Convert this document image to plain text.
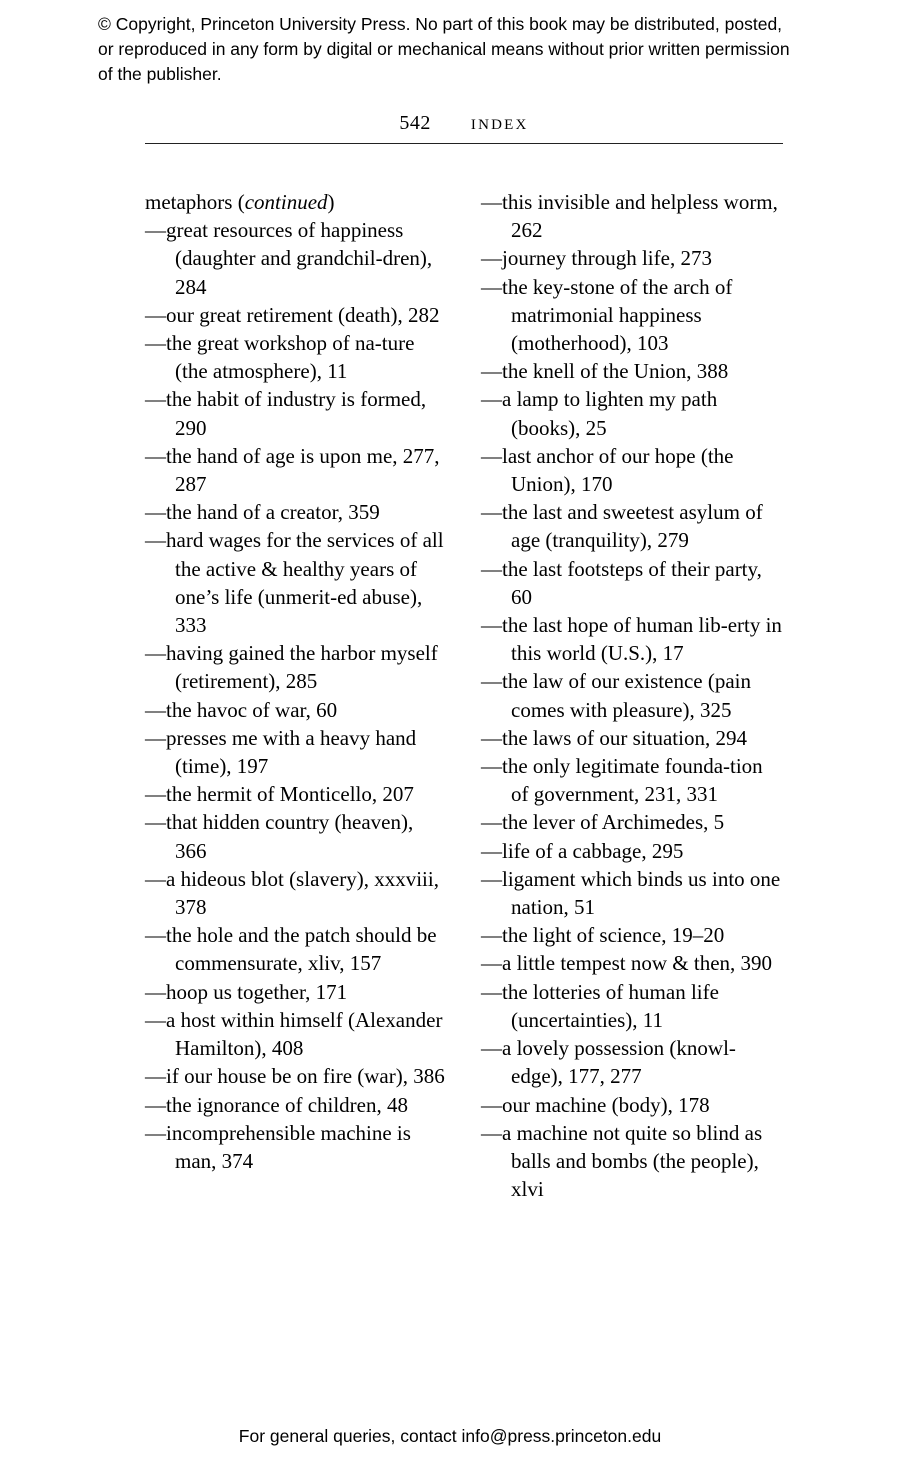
© Copyright, Princeton University Press. No part of this book may be distributed, posted, or reproduced in any form by digital or mechanical means without prior written permission of the publisher.
542	INDEX

metaphors (continued)

—great resources of happiness (daughter and grandchil-dren), 284

—our great retirement (death), 282

—the great workshop of na-ture (the atmosphere), 11

—the habit of industry is formed, 290

—the hand of age is upon me, 277, 287

—the hand of a creator, 359

—hard wages for the services of all the active & healthy years of one’s life (unmerit-ed abuse), 333

—having gained the harbor myself (retirement), 285

—the havoc of war, 60

—presses me with a heavy hand (time), 197

—the hermit of Monticello, 207

—that hidden country (heaven), 366

—a hideous blot (slavery), xxxviii, 378

—the hole and the patch should be commensurate, xliv, 157

—hoop us together, 171

—a host within himself (Alexander Hamilton), 408

—if our house be on fire (war), 386

—the ignorance of children, 48

—incomprehensible machine is man, 374

—this invisible and helpless worm, 262

—journey through life, 273

—the key-stone of the arch of matrimonial happiness (motherhood), 103

—the knell of the Union, 388

—a lamp to lighten my path (books), 25

—last anchor of our hope (the Union), 170

—the last and sweetest asylum of age (tranquility), 279

—the last footsteps of their party, 60

—the last hope of human lib-erty in this world (U.S.), 17

—the law of our existence (pain comes with pleasure), 325

—the laws of our situation, 294

—the only legitimate founda-tion of government, 231, 331

—the lever of Archimedes, 5

—life of a cabbage, 295

—ligament which binds us into one nation, 51

—the light of science, 19–20

—a little tempest now & then, 390

—the lotteries of human life (uncertainties), 11

—a lovely possession (knowl-edge), 177, 277

—our machine (body), 178

—a machine not quite so blind as balls and bombs (the people), xlvi

For general queries, contact info@press.princeton.edu
